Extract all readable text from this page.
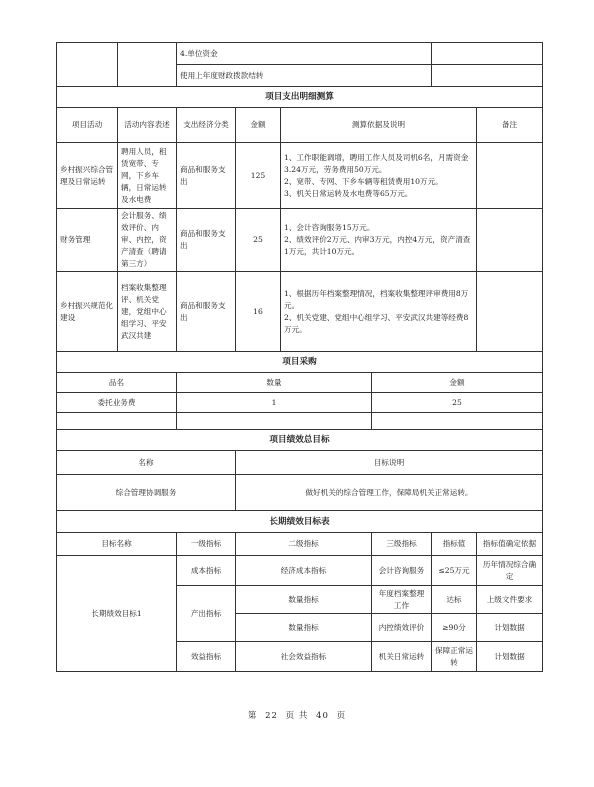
		4.单位资金					
		使用上年度财政拨款结转					
项目支出明细测算							
项目活动	活动内容表述	支出经济分类	金额	测算依据及说明			备注
乡村振兴综合管理及日常运转	聘用人员，租赁宽带、专网，下乡车辆，日常运转及水电费	商品和服务支出	125	1、工作职能调增，聘用工作人员及司机6名，月需资金3.24万元，劳务费用50万元。
2、宽带、专网、下乡车辆等租赁费用10万元。
3、机关日常运转及水电费等65万元。			
财务管理	会计服务、绩效评价、内审、内控，资产清查（聘请第三方）	商品和服务支出	25	1、会计咨询服务15万元。
2、绩效评价2万元、内审3万元，内控4万元，资产清查1万元，共计10万元。			
乡村振兴规范化建设	档案收集整理评、机关党建，党组中心组学习、平安武汉共建	商品和服务支出	16	1、根据历年档案整理情况，档案收集整理评审费用8万元。
2、机关党建、党组中心组学习、平安武汉共建等经费8万元。			
项目采购							
品名		数量			金额		
委托业务费		1			25		

项目绩效总目标							
名称			目标说明				
综合管理协调服务			做好机关的综合管理工作，保障局机关正常运转。				
长期绩效目标表							
目标名称		一级指标	二级指标		三级指标	指标值	指标值确定依据
长期绩效目标1		成本指标	经济成本指标		会计咨询服务	≤25万元	历年情况综合确定
		产出指标	数量指标		年度档案整理工作	达标	上级文件要求
			数量指标		内控绩效评价	≥90分	计划数据
		效益指标	社会效益指标		机关日常运转	保障正常运转	计划数据
第 22 页 共 40 页
